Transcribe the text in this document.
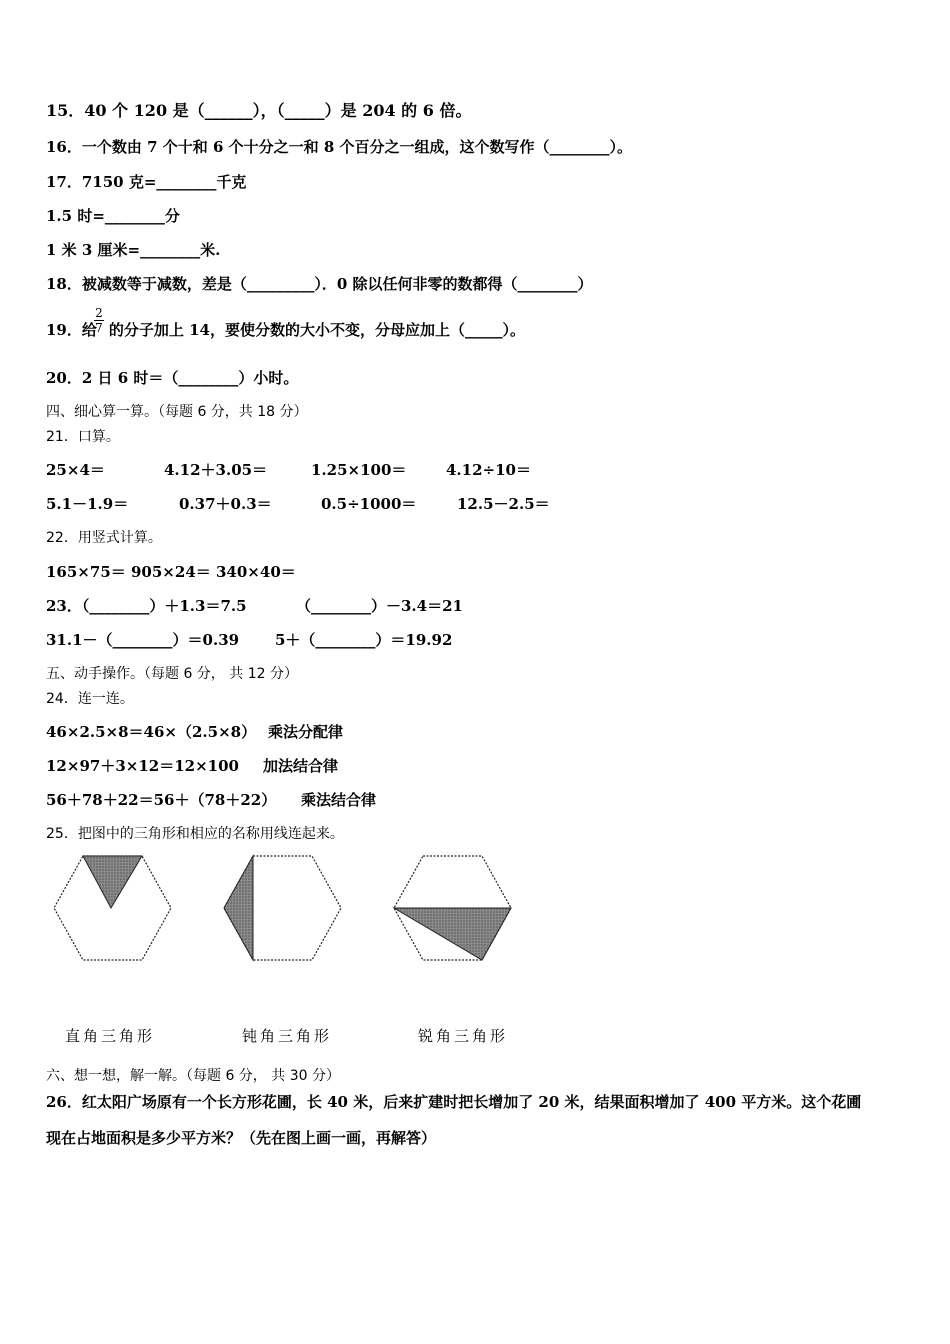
15．40 个 120 是（______），（_____）是 204 的 6 倍。
16．一个数由 7 个十和 6 个十分之一和 8 个百分之一组成，这个数写作（________）。
17．7150 克=________千克
1.5 时=________分
1 米 3 厘米=________米.
18．被减数等于减数，差是（_________）．0 除以任何非零的数都得（________）
19．给 的分子加上 14，要使分数的大小不变，分母应加上（_____）。
2
7
20．2 日 6 时＝（________）小时。
四、细心算一算。（每题 6 分，共 18 分）
21．口算。
25×4＝	4.12＋3.05＝	1.25×100＝	4.12÷10＝
5.1－1.9＝	0.37＋0.3＝	0.5÷1000＝	12.5－2.5＝
22．用竖式计算。
165×75＝ 905×24＝ 340×40＝
23．（________）＋1.3＝7.5	（________）－3.4＝21
31.1－（________）＝0.39 5＋（________）＝19.92
五、动手操作。（每题 6 分， 共 12 分）
24．连一连。
46×2.5×8＝46×（2.5×8） 乘法分配律
12×97＋3×12＝12×100 加法结合律
56＋78＋22＝56＋（78＋22） 乘法结合律
25．把图中的三角形和相应的名称用线连起来。
直角三角形	钝角三角形	锐角三角形
六、想一想，解一解。（每题 6 分， 共 30 分）
26．红太阳广场原有一个长方形花圃，长 40 米，后来扩建时把长增加了 20 米，结果面积增加了 400 平方米。这个花圃
现在占地面积是多少平方米？（先在图上画一画，再解答）
